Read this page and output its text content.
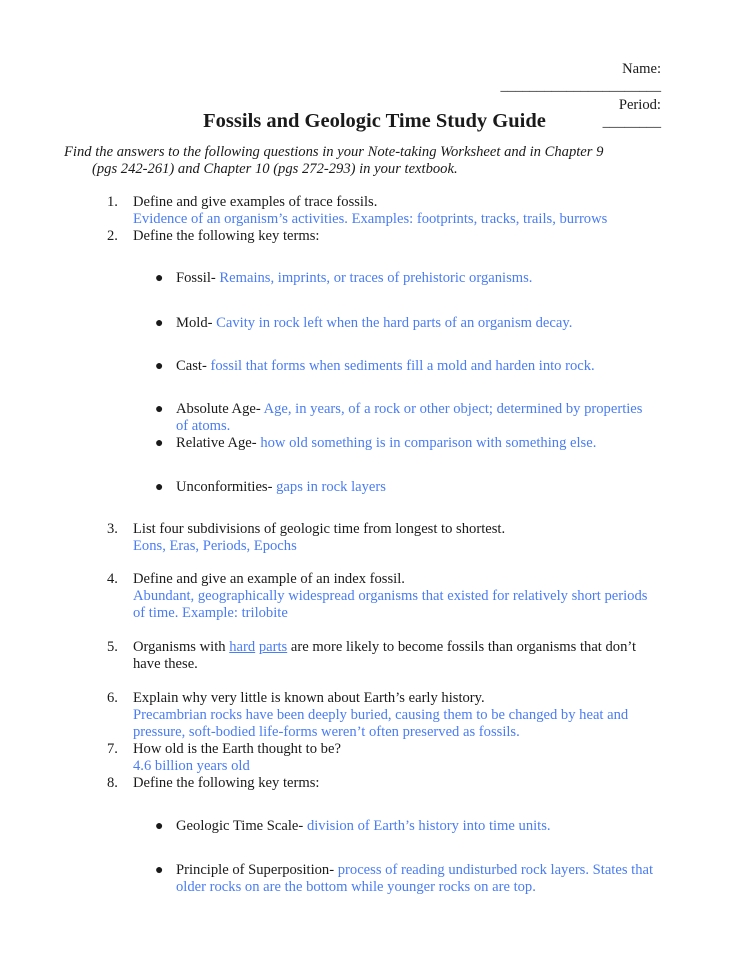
Name:
______________________

Period:
________

Fossils and Geologic Time Study Guide
Find the answers to the following questions in your Note-taking Worksheet and in Chapter 9
(pgs 242-261) and Chapter 10 (pgs 272-293) in your textbook.
1. Define and give examples of trace fossils.
Evidence of an organism’s activities. Examples: footprints, tracks, trails, burrows
2. Define the following key terms:
● Fossil- Remains, imprints, or traces of prehistoric organisms.
● Mold- Cavity in rock left when the hard parts of an organism decay.
● Cast- fossil that forms when sediments fill a mold and harden into rock.
● Absolute Age- Age, in years, of a rock or other object; determined by properties
of atoms.
● Relative Age- how old something is in comparison with something else.
● Unconformities- gaps in rock layers
3. List four subdivisions of geologic time from longest to shortest.
Eons, Eras, Periods, Epochs
4. Define and give an example of an index fossil.
Abundant, geographically widespread organisms that existed for relatively short periods
of time. Example: trilobite
5. Organisms with hard parts are more likely to become fossils than organisms that don’t
have these.
6. Explain why very little is known about Earth’s early history.
Precambrian rocks have been deeply buried, causing them to be changed by heat and
pressure, soft-bodied life-forms weren’t often preserved as fossils.
7. How old is the Earth thought to be?
4.6 billion years old
8. Define the following key terms:
● Geologic Time Scale- division of Earth’s history into time units.
● Principle of Superposition- process of reading undisturbed rock layers. States that
older rocks on are the bottom while younger rocks on are top.
